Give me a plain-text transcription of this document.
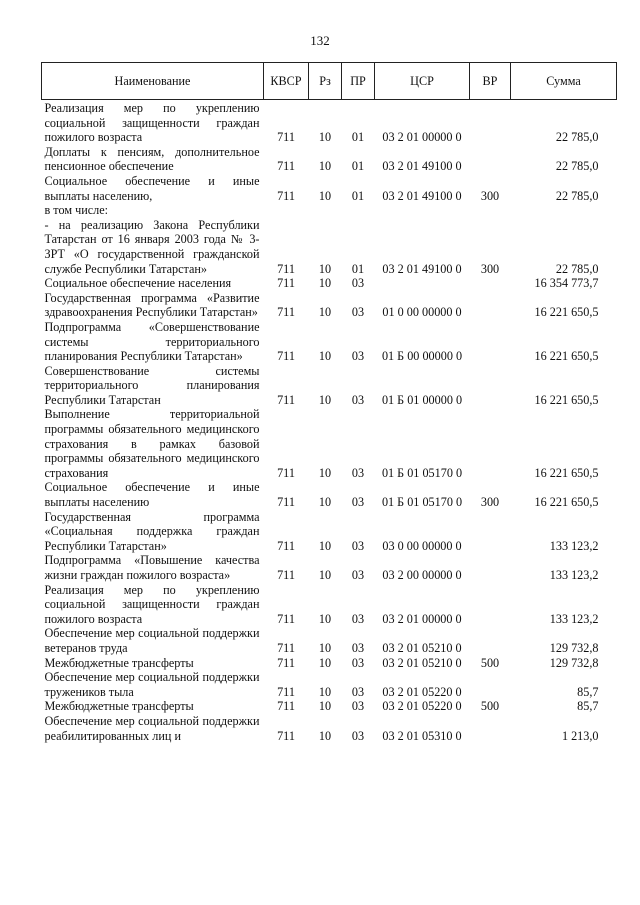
132
Наименование	КВСР	Рз	ПР	ЦСР	ВР	Сумма
Реализация мер по укреплению социальной защищенности граждан пожилого возраста	711	10	01	03 2 01 00000 0		22 785,0
Доплаты к пенсиям, дополнительное пенсионное обеспечение	711	10	01	03 2 01 49100 0		22 785,0
Социальное обеспечение и иные выплаты населению,	711	10	01	03 2 01 49100 0	300	22 785,0
в том числе:						
- на реализацию Закона Республики Татарстан от 16 января 2003 года № 3-ЗРТ «О государственной гражданской службе Республики Татарстан»	711	10	01	03 2 01 49100 0	300	22 785,0
Социальное обеспечение населения	711	10	03			16 354 773,7
Государственная программа «Развитие здравоохранения Республики Татарстан»	711	10	03	01 0 00 00000 0		16 221 650,5
Подпрограмма «Совершенствование системы территориального планирования Республики Татарстан»	711	10	03	01 Б 00 00000 0		16 221 650,5
Совершенствование системы территориального планирования Республики Татарстан	711	10	03	01 Б 01 00000 0		16 221 650,5
Выполнение территориальной программы обязательного медицинского страхования в рамках базовой программы обязательного медицинского страхования	711	10	03	01 Б 01 05170 0		16 221 650,5
Социальное обеспечение и иные выплаты населению	711	10	03	01 Б 01 05170 0	300	16 221 650,5
Государственная программа «Социальная поддержка граждан Республики Татарстан»	711	10	03	03 0 00 00000 0		133 123,2
Подпрограмма «Повышение качества жизни граждан пожилого возраста»	711	10	03	03 2 00 00000 0		133 123,2
Реализация мер по укреплению социальной защищенности граждан пожилого возраста	711	10	03	03 2 01 00000 0		133 123,2
Обеспечение мер социальной поддержки ветеранов труда	711	10	03	03 2 01 05210 0		129 732,8
Межбюджетные трансферты	711	10	03	03 2 01 05210 0	500	129 732,8
Обеспечение мер социальной поддержки тружеников тыла	711	10	03	03 2 01 05220 0		85,7
Межбюджетные трансферты	711	10	03	03 2 01 05220 0	500	85,7
Обеспечение мер социальной поддержки реабилитированных лиц и	711	10	03	03 2 01 05310 0		1 213,0
